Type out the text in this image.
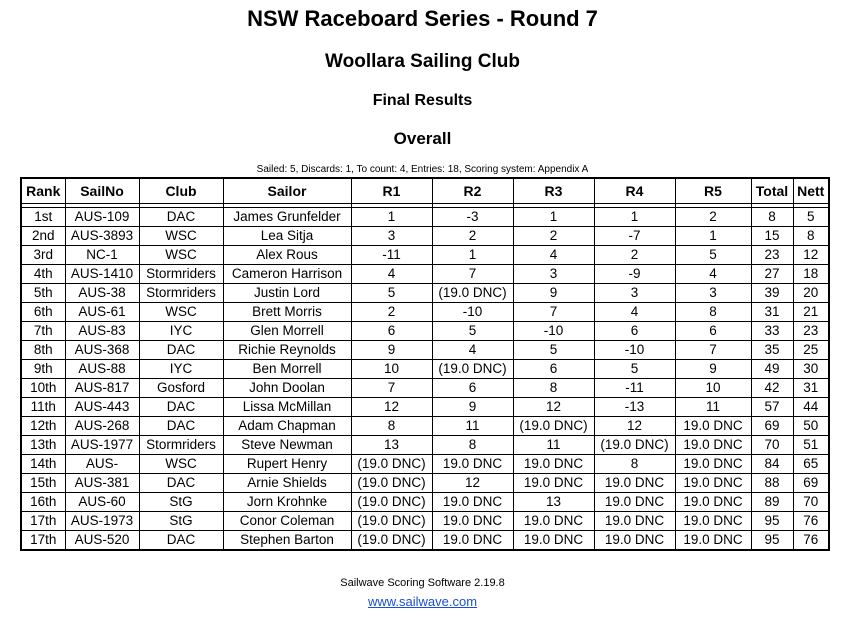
NSW Raceboard Series - Round 7
Woollara Sailing Club
Final Results
Overall
Sailed: 5, Discards: 1, To count: 4, Entries: 18, Scoring system: Appendix A
Rank	SailNo	Club	Sailor	R1	R2	R3	R4	R5	Total	Nett

1st	AUS-109	DAC	James Grunfelder	1	-3	1	1	2	8	5
2nd	AUS-3893	WSC	Lea Sitja	3	2	2	-7	1	15	8
3rd	NC-1	WSC	Alex Rous	-11	1	4	2	5	23	12
4th	AUS-1410	Stormriders	Cameron Harrison	4	7	3	-9	4	27	18
5th	AUS-38	Stormriders	Justin Lord	5	(19.0 DNC)	9	3	3	39	20
6th	AUS-61	WSC	Brett Morris	2	-10	7	4	8	31	21
7th	AUS-83	IYC	Glen Morrell	6	5	-10	6	6	33	23
8th	AUS-368	DAC	Richie Reynolds	9	4	5	-10	7	35	25
9th	AUS-88	IYC	Ben Morrell	10	(19.0 DNC)	6	5	9	49	30
10th	AUS-817	Gosford	John Doolan	7	6	8	-11	10	42	31
11th	AUS-443	DAC	Lissa McMillan	12	9	12	-13	11	57	44
12th	AUS-268	DAC	Adam Chapman	8	11	(19.0 DNC)	12	19.0 DNC	69	50
13th	AUS-1977	Stormriders	Steve Newman	13	8	11	(19.0 DNC)	19.0 DNC	70	51
14th	AUS-	WSC	Rupert Henry	(19.0 DNC)	19.0 DNC	19.0 DNC	8	19.0 DNC	84	65
15th	AUS-381	DAC	Arnie Shields	(19.0 DNC)	12	19.0 DNC	19.0 DNC	19.0 DNC	88	69
16th	AUS-60	StG	Jorn Krohnke	(19.0 DNC)	19.0 DNC	13	19.0 DNC	19.0 DNC	89	70
17th	AUS-1973	StG	Conor Coleman	(19.0 DNC)	19.0 DNC	19.0 DNC	19.0 DNC	19.0 DNC	95	76
17th	AUS-520	DAC	Stephen Barton	(19.0 DNC)	19.0 DNC	19.0 DNC	19.0 DNC	19.0 DNC	95	76
Sailwave Scoring Software 2.19.8
www.sailwave.com
